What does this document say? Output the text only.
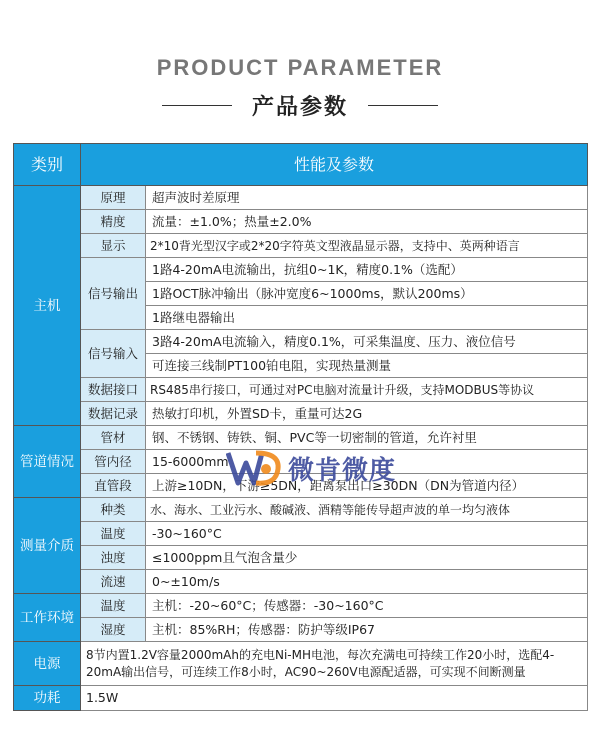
PRODUCT PARAMETER
产品参数
类别	性能及参数	
主机	原理	超声波时差原理
	精度	流量：±1.0%；热量±2.0%
	显示	2*10背光型汉字或2*20字符英文型液晶显示器，支持中、英两种语言
	信号输出	1路4-20mA电流输出，抗组0~1K，精度0.1%（选配）
		1路OCT脉冲输出（脉冲宽度6~1000ms，默认200ms）
		1路继电器输出
	信号输入	3路4-20mA电流输入，精度0.1%，可采集温度、压力、液位信号
		可连接三线制PT100铂电阻，实现热量测量
	数据接口	RS485串行接口，可通过对PC电脑对流量计升级，支持MODBUS等协议
	数据记录	热敏打印机，外置SD卡，重量可达2G
管道情况	管材	钢、不锈钢、铸铁、铜、PVC等一切密制的管道，允许衬里
	管内径	15-6000mm
	直管段	上游≥10DN，下游≥5DN，距离泵出口≥30DN（DN为管道内径）
测量介质	种类	水、海水、工业污水、酸碱液、酒精等能传导超声波的单一均匀液体
	温度	-30~160°C
	浊度	≤1000ppm且气泡含量少
	流速	0~±10m/s
工作环境	温度	主机：-20~60°C；传感器：-30~160°C
	湿度	主机：85%RH；传感器：防护等级IP67
电源	8节内置1.2V容量2000mAh的充电Ni-MH电池，每次充满电可持续工作20小时，选配4-20mA输出信号，可连续工作8小时，AC90~260V电源配适器，可实现不间断测量	
功耗	1.5W	
微肯微度
